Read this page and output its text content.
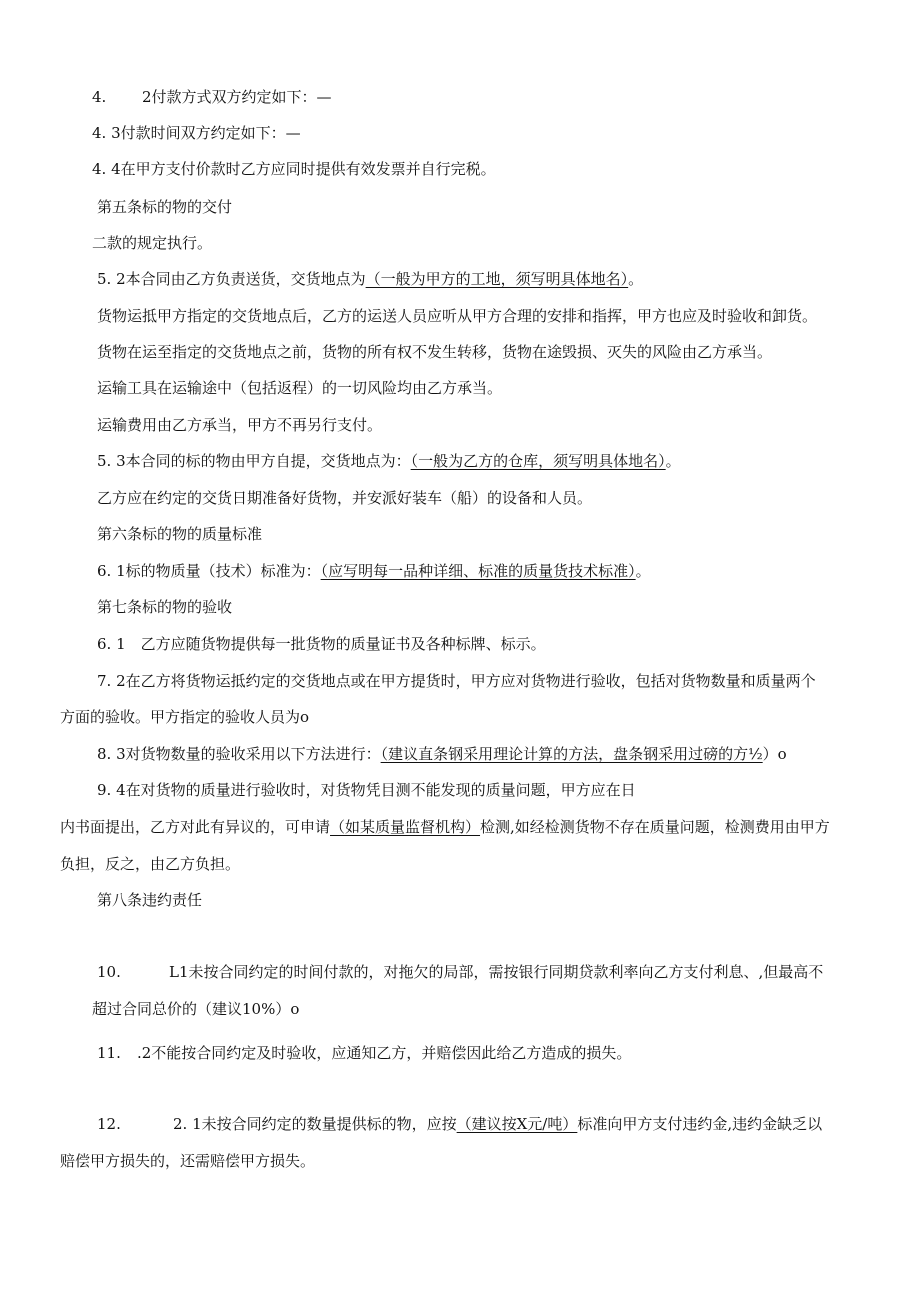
4. 2付款方式双方约定如下：—
4. 3付款时间双方约定如下：—
4. 4在甲方支付价款时乙方应同时提供有效发票并自行完税。
第五条标的物的交付
二款的规定执行。
5. 2本合同由乙方负责送货，交货地点为（一般为甲方的工地，须写明具体地名）。
货物运抵甲方指定的交货地点后，乙方的运送人员应听从甲方合理的安排和指挥，甲方也应及时验收和卸货。
货物在运至指定的交货地点之前，货物的所有权不发生转移，货物在途毁损、灭失的风险由乙方承当。
运输工具在运输途中（包括返程）的一切风险均由乙方承当。
运输费用由乙方承当，甲方不再另行支付。
5. 3本合同的标的物由甲方自提，交货地点为：（一般为乙方的仓库，须写明具体地名）。
乙方应在约定的交货日期准备好货物，并安派好装车（船）的设备和人员。
第六条标的物的质量标准
6. 1标的物质量（技术）标准为：（应写明每一品种详细、标准的质量货技术标准）。
第七条标的物的验收
6. 1　乙方应随货物提供每一批货物的质量证书及各种标牌、标示。
7. 2在乙方将货物运抵约定的交货地点或在甲方提货时，甲方应对货物进行验收，包括对货物数量和质量两个
方面的验收。甲方指定的验收人员为o
8. 3对货物数量的验收采用以下方法进行：（建议直条钢采用理论计算的方法，盘条钢采用过磅的方½）o
9. 4在对货物的质量进行验收时，对货物凭目测不能发现的质量问题，甲方应在日
内书面提出，乙方对此有异议的，可申请（如某质量监督机构）检测,如经检测货物不存在质量问题，检测费用由甲方
负担，反之，由乙方负担。
第八条违约责任
10.	L1未按合同约定的时间付款的，对拖欠的局部，需按银行同期贷款利率向乙方支付利息、,但最高不
超过合同总价的（建议10%）o
11. .2不能按合同约定及时验收，应通知乙方，并赔偿因此给乙方造成的损失。
12.	2. 1未按合同约定的数量提供标的物，应按（建议按X元/吨）标准向甲方支付违约金,违约金缺乏以
赔偿甲方损失的，还需赔偿甲方损失。
